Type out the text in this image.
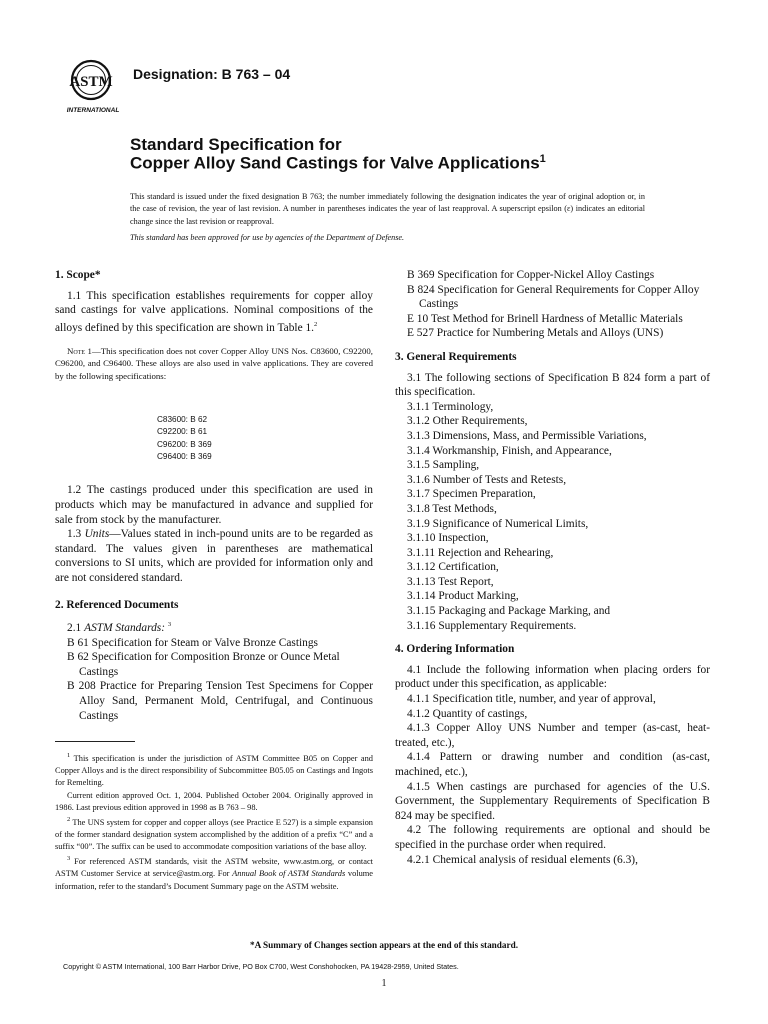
ASTM
INTERNATIONAL
Designation: B 763 – 04
Standard Specification for
Copper Alloy Sand Castings for Valve Applications$^1$
This standard is issued under the fixed designation B 763; the number immediately following the designation indicates the year of original adoption or, in the case of revision, the year of last revision. A number in parentheses indicates the year of last reapproval. A superscript epsilon (ε) indicates an editorial change since the last revision or reapproval.
This standard has been approved for use by agencies of the Department of Defense.
1. Scope*

1.1 This specification establishes requirements for copper alloy sand castings for valve applications. Nominal compositions of the alloys defined by this specification are shown in Table 1.$^2$

Note 1—This specification does not cover Copper Alloy UNS Nos. C83600, C92200, C96200, and C96400. These alloys are also used in valve applications. They are covered by the following specifications:

C83600: B 62
C92200: B 61
C96200: B 369
C96400: B 369

1.2 The castings produced under this specification are used in products which may be manufactured in advance and supplied for sale from stock by the manufacturer.

1.3 Units—Values stated in inch-pound units are to be regarded as standard. The values given in parentheses are mathematical conversions to SI units, which are provided for information only and are not considered standard.

2. Referenced Documents

2.1 ASTM Standards: $^3$

B 61 Specification for Steam or Valve Bronze Castings

B 62 Specification for Composition Bronze or Ounce Metal Castings

B 208 Practice for Preparing Tension Test Specimens for Copper Alloy Sand, Permanent Mold, Centrifugal, and Continuous Castings

$^1$ This specification is under the jurisdiction of ASTM Committee B05 on Copper and Copper Alloys and is the direct responsibility of Subcommittee B05.05 on Castings and Ingots for Remelting.

Current edition approved Oct. 1, 2004. Published October 2004. Originally approved in 1986. Last previous edition approved in 1998 as B 763 – 98.

$^2$ The UNS system for copper and copper alloys (see Practice E 527) is a simple expansion of the former standard designation system accomplished by the addition of a prefix “C” and a suffix “00”. The suffix can be used to accommodate composition variations of the base alloy.

$^3$ For referenced ASTM standards, visit the ASTM website, www.astm.org, or contact ASTM Customer Service at service@astm.org. For Annual Book of ASTM Standards volume information, refer to the standard’s Document Summary page on the ASTM website.

B 369 Specification for Copper-Nickel Alloy Castings

B 824 Specification for General Requirements for Copper Alloy Castings

E 10 Test Method for Brinell Hardness of Metallic Materials

E 527 Practice for Numbering Metals and Alloys (UNS)

3. General Requirements

3.1 The following sections of Specification B 824 form a part of this specification.

3.1.1 Terminology,

3.1.2 Other Requirements,

3.1.3 Dimensions, Mass, and Permissible Variations,

3.1.4 Workmanship, Finish, and Appearance,

3.1.5 Sampling,

3.1.6 Number of Tests and Retests,

3.1.7 Specimen Preparation,

3.1.8 Test Methods,

3.1.9 Significance of Numerical Limits,

3.1.10 Inspection,

3.1.11 Rejection and Rehearing,

3.1.12 Certification,

3.1.13 Test Report,

3.1.14 Product Marking,

3.1.15 Packaging and Package Marking, and

3.1.16 Supplementary Requirements.

4. Ordering Information

4.1 Include the following information when placing orders for product under this specification, as applicable:

4.1.1 Specification title, number, and year of approval,

4.1.2 Quantity of castings,

4.1.3 Copper Alloy UNS Number and temper (as-cast, heat-treated, etc.),

4.1.4 Pattern or drawing number and condition (as-cast, machined, etc.),

4.1.5 When castings are purchased for agencies of the U.S. Government, the Supplementary Requirements of Specification B 824 may be specified.

4.2 The following requirements are optional and should be specified in the purchase order when required.

4.2.1 Chemical analysis of residual elements (6.3),

*A Summary of Changes section appears at the end of this standard.
Copyright © ASTM International, 100 Barr Harbor Drive, PO Box C700, West Conshohocken, PA 19428-2959, United States.
1
